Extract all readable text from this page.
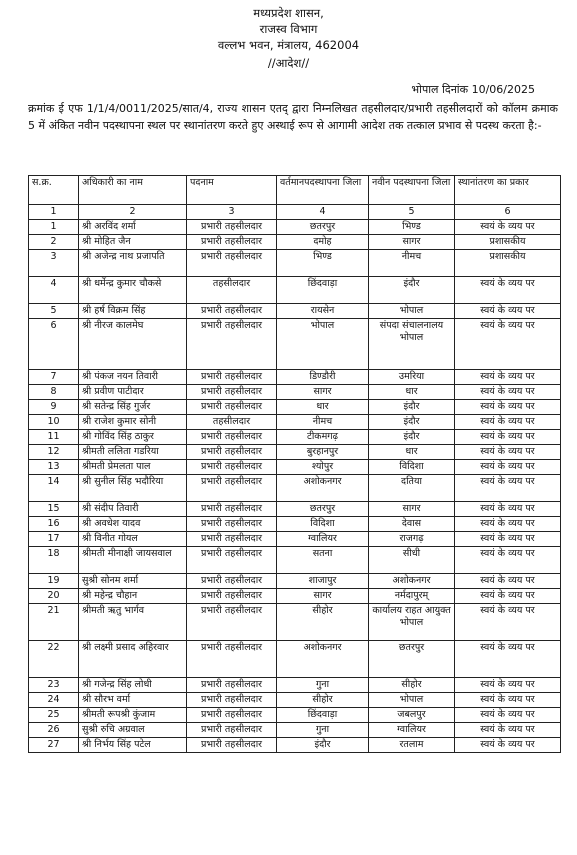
मध्यप्रदेश शासन,
राजस्व विभाग
वल्लभ भवन, मंत्रालय, 462004
//आदेश//
भोपाल दिनांक 10/06/2025
क्रमांक ई एफ 1/1/4/0011/2025/सात/4, राज्य शासन एतद् द्वारा निम्नलिखत तहसीलदार/प्रभारी तहसीलदारों को कॉलम क्रमाक 5 में अंकित नवीन पदस्थापना स्थल पर स्थानांतरण करते हुए अस्थाई रूप से आगामी आदेश तक तत्काल प्रभाव से पदस्थ करता है:-
स.क्र.	अधिकारी का नाम	पदनाम	वर्तमानपदस्थापना जिला	नवीन पदस्थापना जिला	स्थानांतरण का प्रकार
1	2	3	4	5	6
1	श्री अरविंद शर्मा	प्रभारी तहसीलदार	छतरपुर	भिण्ड	स्वयं के व्यय पर
2	श्री मोहित जैन	प्रभारी तहसीलदार	दमोह	सागर	प्रशासकीय
3	श्री अजेन्द्र नाथ प्रजापति	प्रभारी तहसीलदार	भिण्ड	नीमच	प्रशासकीय
4	श्री धर्मेन्द्र कुमार चौकसे	तहसीलदार	छिंदवाड़ा	इंदौर	स्वयं के व्यय पर
5	श्री हर्ष विक्रम सिंह	प्रभारी तहसीलदार	रायसेन	भोपाल	स्वयं के व्यय पर
6	श्री नीरज कालमेघ	प्रभारी तहसीलदार	भोपाल	संपदा संचालनालय भोपाल	स्वयं के व्यय पर
7	श्री पंकज नयन तिवारी	प्रभारी तहसीलदार	डिण्डौरी	उमरिया	स्वयं के व्यय पर
8	श्री प्रवीण पाटीदार	प्रभारी तहसीलदार	सागर	धार	स्वयं के व्यय पर
9	श्री सतेन्द्र सिंह गुर्जर	प्रभारी तहसीलदार	धार	इंदौर	स्वयं के व्यय पर
10	श्री राजेश कुमार सोनी	तहसीलदार	नीमच	इंदौर	स्वयं के व्यय पर
11	श्री गोविंद सिंह ठाकुर	प्रभारी तहसीलदार	टीकमगढ़	इंदौर	स्वयं के व्यय पर
12	श्रीमती ललिता गडरिया	प्रभारी तहसीलदार	बुरहानपुर	धार	स्वयं के व्यय पर
13	श्रीमती प्रेमलता पाल	प्रभारी तहसीलदार	श्योपुर	विदिशा	स्वयं के व्यय पर
14	श्री सुनील सिंह भदौरिया	प्रभारी तहसीलदार	अशोकनगर	दतिया	स्वयं के व्यय पर
15	श्री संदीप तिवारी	प्रभारी तहसीलदार	छतरपुर	सागर	स्वयं के व्यय पर
16	श्री अवधेश यादव	प्रभारी तहसीलदार	विदिशा	देवास	स्वयं के व्यय पर
17	श्री विनीत गोयल	प्रभारी तहसीलदार	ग्वालियर	राजगढ़	स्वयं के व्यय पर
18	श्रीमती मीनाक्षी जायसवाल	प्रभारी तहसीलदार	सतना	सीधी	स्वयं के व्यय पर
19	सुश्री सोनम शर्मा	प्रभारी तहसीलदार	शाजापुर	अशोकनगर	स्वयं के व्यय पर
20	श्री महेन्द्र चौहान	प्रभारी तहसीलदार	सागर	नर्मदापुरम्	स्वयं के व्यय पर
21	श्रीमती ऋतु भार्गव	प्रभारी तहसीलदार	सीहोर	कार्यालय राहत आयुक्त भोपाल	स्वयं के व्यय पर
22	श्री लक्ष्मी प्रसाद अहिरवार	प्रभारी तहसीलदार	अशोकनगर	छतरपुर	स्वयं के व्यय पर
23	श्री गजेन्द्र सिंह लोधी	प्रभारी तहसीलदार	गुना	सीहोर	स्वयं के व्यय पर
24	श्री सौरभ वर्मा	प्रभारी तहसीलदार	सीहोर	भोपाल	स्वयं के व्यय पर
25	श्रीमती रूपश्री कुंजाम	प्रभारी तहसीलदार	छिंदवाड़ा	जबलपुर	स्वयं के व्यय पर
26	सुश्री रुचि अग्रवाल	प्रभारी तहसीलदार	गुना	ग्वालियर	स्वयं के व्यय पर
27	श्री निर्भय सिंह पटेल	प्रभारी तहसीलदार	इंदौर	रतलाम	स्वयं के व्यय पर
